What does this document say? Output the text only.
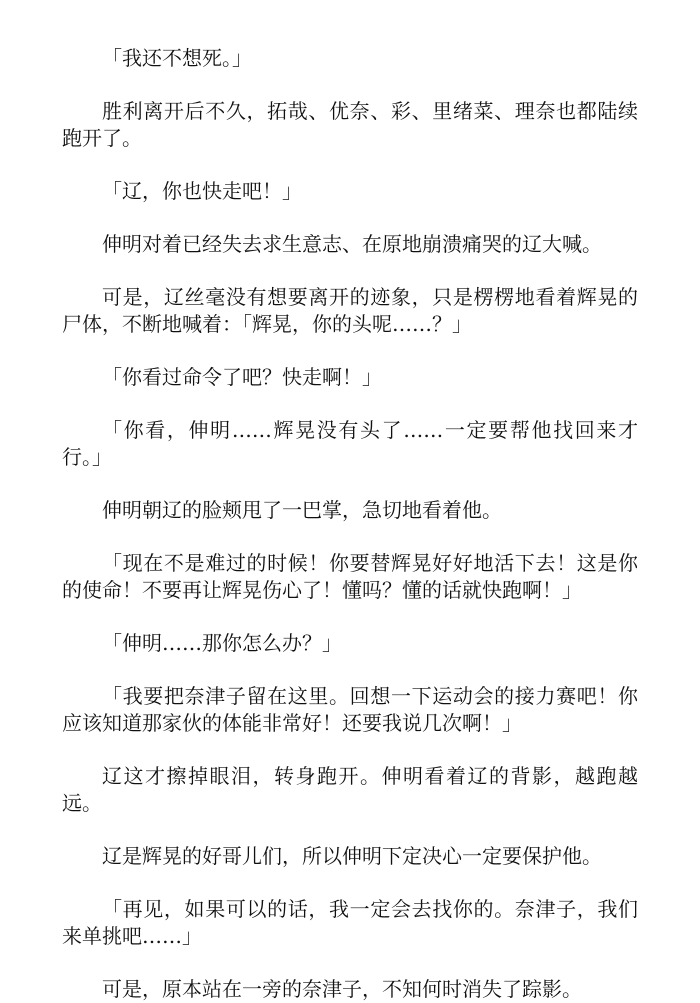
「我还不想死。」

胜利离开后不久，拓哉、优奈、彩、里绪菜、理奈也都陆续跑开了。

「辽，你也快走吧！」

伸明对着已经失去求生意志、在原地崩溃痛哭的辽大喊。

可是，辽丝毫没有想要离开的迹象，只是楞楞地看着辉晃的尸体，不断地喊着：「辉晃，你的头呢……？」

「你看过命令了吧？快走啊！」

「你看，伸明……辉晃没有头了……一定要帮他找回来才行。」

伸明朝辽的脸颊甩了一巴掌，急切地看着他。

「现在不是难过的时候！你要替辉晃好好地活下去！这是你的使命！不要再让辉晃伤心了！懂吗？懂的话就快跑啊！」

「伸明……那你怎么办？」

「我要把奈津子留在这里。回想一下运动会的接力赛吧！你应该知道那家伙的体能非常好！还要我说几次啊！」

辽这才擦掉眼泪，转身跑开。伸明看着辽的背影，越跑越远。

辽是辉晃的好哥儿们，所以伸明下定决心一定要保护他。

「再见，如果可以的话，我一定会去找你的。奈津子，我们来单挑吧……」

可是，原本站在一旁的奈津子，不知何时消失了踪影。
